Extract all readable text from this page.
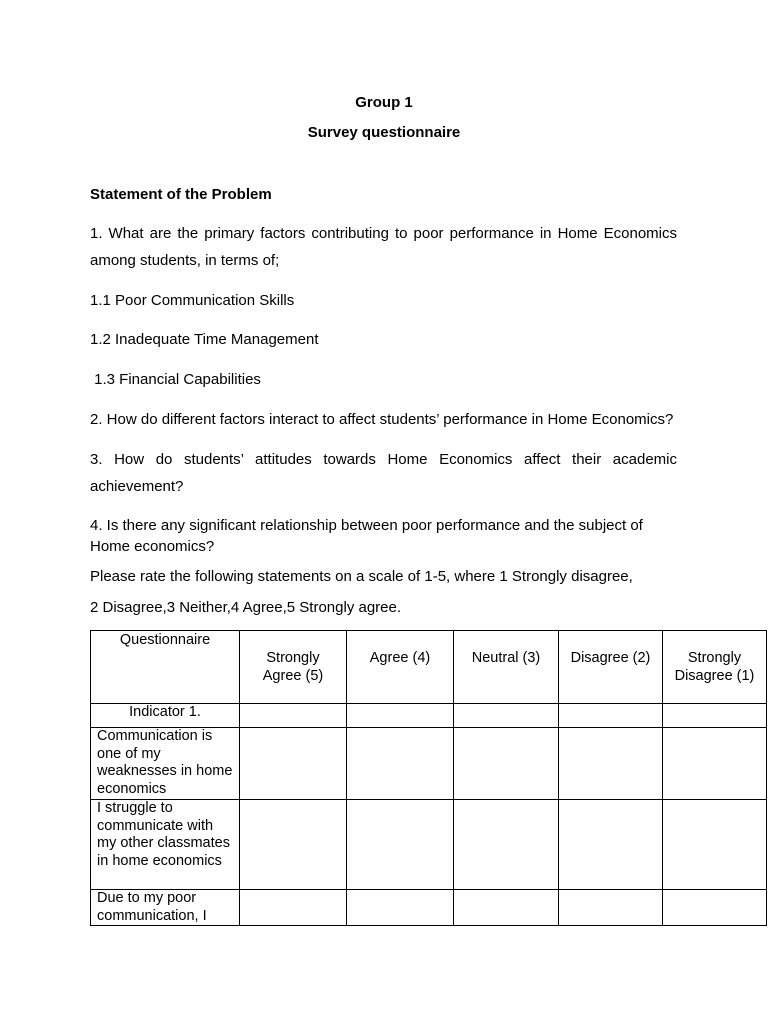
Group 1
Survey questionnaire

Statement of the Problem

1. What are the primary factors contributing to poor performance in Home Economics among students, in terms of;

1.1 Poor Communication Skills

1.2 Inadequate Time Management

1.3 Financial Capabilities

2. How do different factors interact to affect students’ performance in Home Economics?

3. How do students’ attitudes towards Home Economics affect their academic achievement?

4. Is there any significant relationship between poor performance and the subject of Home economics?

Please rate the following statements on a scale of 1-5, where 1 Strongly disagree,

2 Disagree,3 Neither,4 Agree,5 Strongly agree.

Questionnaire	Strongly Agree (5)	Agree (4)	Neutral (3)	Disagree (2)	Strongly Disagree (1)
Indicator 1.					
Communication is one of my weaknesses in home economics					
I struggle to communicate with my other classmates in home economics					
Due to my poor communication, I					
